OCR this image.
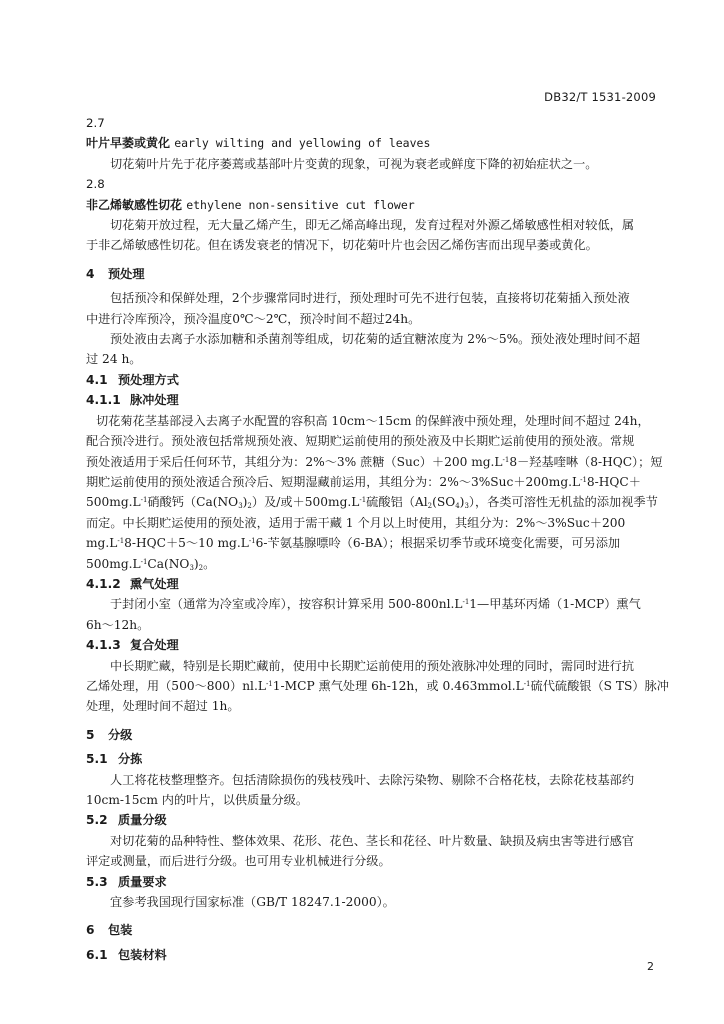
DB32/T 1531-2009
2.7
叶片早萎或黄化 early wilting and yellowing of leaves
切花菊叶片先于花序萎蔫或基部叶片变黄的现象，可视为衰老或鲜度下降的初始症状之一。
2.8
非乙烯敏感性切花 ethylene non-sensitive cut flower
切花菊开放过程，无大量乙烯产生，即无乙烯高峰出现，发育过程对外源乙烯敏感性相对较低，属
于非乙烯敏感性切花。但在诱发衰老的情况下，切花菊叶片也会因乙烯伤害而出现早萎或黄化。
4 预处理
包括预冷和保鲜处理，2个步骤常同时进行，预处理时可先不进行包装，直接将切花菊插入预处液
中进行冷库预冷，预冷温度0℃～2℃，预冷时间不超过24h。
预处液由去离子水添加糖和杀菌剂等组成，切花菊的适宜糖浓度为 2%～5%。预处液处理时间不超
过 24 h。
4.1 预处理方式
4.1.1 脉冲处理
切花菊花茎基部浸入去离子水配置的容积高 10cm～15cm 的保鲜液中预处理，处理时间不超过 24h，
配合预冷进行。预处液包括常规预处液、短期贮运前使用的预处液及中长期贮运前使用的预处液。常规
预处液适用于采后任何环节，其组分为：2%～3% 蔗糖（Suc）＋200 $mg.L^{-1}8-$羟基喹啉（8-HQC）；短
期贮运前使用的预处液适合预冷后、短期湿藏前运用，其组分为：$2\%\sim 3\%Suc+200mg.L^{-1}8-HQC+$
$500mg.L^{-1}$硝酸钙$(Ca(NO_3)_2)$及/或$+500mg.L^{-1}$硫酸铝$(Al_2(SO_4)_3)$，各类可溶性无机盐的添加视季节
而定。中长期贮运使用的预处液，适用于需干藏 1 个月以上时使用，其组分为：2%～3%Suc＋200
$mg.L^{-1}8-HQC+5\sim 10$ $mg.L^{-1}6-$苄氨基腺嘌呤（6-BA）；根据采切季节或环境变化需要，可另添加
$500mg.L^{-1}Ca(NO_3)_2$。
4.1.2 熏气处理
于封闭小室（通常为冷室或冷库），按容积计算采用 $500-800nl.L^{-1}1—$甲基环丙烯（1-MCP）熏气
6h～12h。
4.1.3 复合处理
中长期贮藏，特别是长期贮藏前，使用中长期贮运前使用的预处液脉冲处理的同时，需同时进行抗
乙烯处理，用$(500\sim 800)nl.L^{-1}1$-MCP 熏气处理 6h-12h，或 $0.463mmol.L^{-1}$硫代硫酸银（S TS）脉冲
处理，处理时间不超过 1h。
5 分级
5.1 分拣
人工将花枝整理整齐。包括清除损伤的残枝残叶、去除污染物、剔除不合格花枝，去除花枝基部约
10cm-15cm 内的叶片，以供质量分级。
5.2 质量分级
对切花菊的品种特性、整体效果、花形、花色、茎长和花径、叶片数量、缺损及病虫害等进行感官
评定或测量，而后进行分级。也可用专业机械进行分级。
5.3 质量要求
宜参考我国现行国家标准（GB/T 18247.1-2000）。
6 包装
6.1 包装材料
2
